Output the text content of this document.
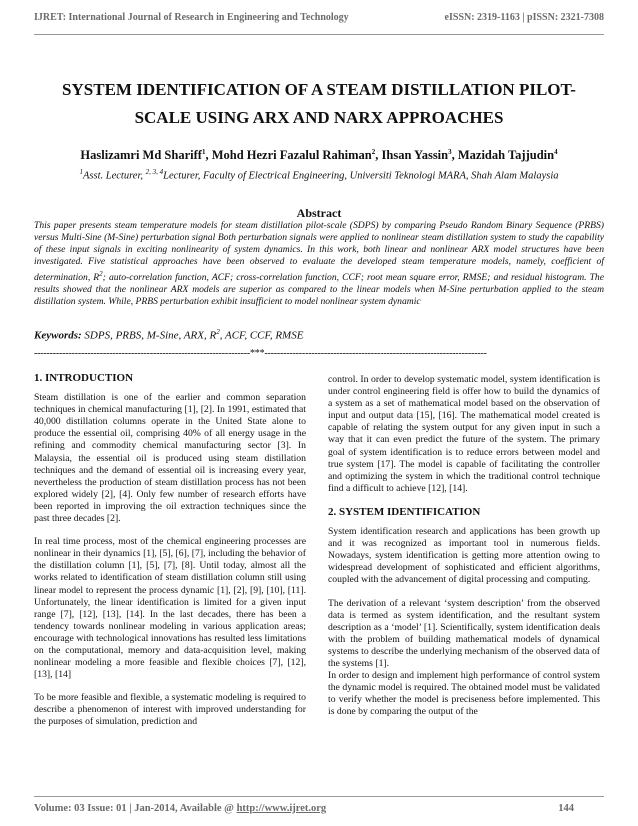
IJRET: International Journal of Research in Engineering and Technology	eISSN: 2319-1163 | pISSN: 2321-7308
SYSTEM IDENTIFICATION OF A STEAM DISTILLATION PILOT-
SCALE USING ARX AND NARX APPROACHES
Haslizamri Md Shariff$^1$, Mohd Hezri Fazalul Rahiman$^2$, Ihsan Yassin$^3$, Mazidah Tajjudin$^4$
$^1$Asst. Lecturer, $^{2, 3, 4}$Lecturer, Faculty of Electrical Engineering, Universiti Teknologi MARA, Shah Alam Malaysia
Abstract
This paper presents steam temperature models for steam distillation pilot-scale (SDPS) by comparing Pseudo Random Binary Sequence (PRBS) versus Multi-Sine (M-Sine) perturbation signal Both perturbation signals were applied to nonlinear steam distillation system to study the capability of these input signals in exciting nonlinearity of system dynamics. In this work, both linear and nonlinear ARX model structures have been investigated. Five statistical approaches have been observed to evaluate the developed steam temperature models, namely, coefficient of determination, $R^2$; auto-correlation function, ACF; cross-correlation function, CCF; root mean square error, RMSE; and residual histogram. The results showed that the nonlinear ARX models are superior as compared to the linear models when M-Sine perturbation applied to the steam distillation system. While, PRBS perturbation exhibit insufficient to model nonlinear system dynamic
Keywords: SDPS, PRBS, M-Sine, ARX, $R^2$, ACF, CCF, RMSE
---------------------------------------------------------------------***-----------------------------------------------------------------------
1. INTRODUCTION

Steam distillation is one of the earlier and common separation techniques in chemical manufacturing [1], [2]. In 1991, estimated that 40,000 distillation columns operate in the United State alone to produce the essential oil, comprising 40% of all energy usage in the refining and commodity chemical manufacturing sector [3]. In Malaysia, the essential oil is produced using steam distillation techniques and the demand of essential oil is increasing every year, nevertheless the production of steam distillation process has not been explored widely [2], [4]. Only few number of research efforts have been reported in improving the oil extraction techniques since the past three decades [2].

In real time process, most of the chemical engineering processes are nonlinear in their dynamics [1], [5], [6], [7], including the behavior of the distillation column [1], [5], [7], [8]. Until today, almost all the works related to identification of steam distillation column still using linear model to represent the process dynamic [1], [2], [9], [10], [11]. Unfortunately, the linear identification is limited for a given input range [7], [12], [13], [14]. In the last decades, there has been a tendency towards nonlinear modeling in various application areas; encourage with technological innovations has resulted less limitations on the computational, memory and data-acquisition level, making nonlinear modeling a more feasible and flexible choices [7], [12], [13], [14]

To be more feasible and flexible, a systematic modeling is required to describe a phenomenon of interest with improved understanding for the purposes of simulation, prediction and

control. In order to develop systematic model, system identification is under control engineering field is offer how to build the dynamics of a system as a set of mathematical model based on the observation of input and output data [15], [16]. The mathematical model created is capable of relating the system output for any given input in such a way that it can even predict the future of the system. The primary goal of system identification is to reduce errors between model and true system [17]. The model is capable of facilitating the controller and optimizing the system in which the traditional control technique find a difficult to achieve [12], [14].

2. SYSTEM IDENTIFICATION

System identification research and applications has been growth up and it was recognized as important tool in numerous fields. Nowadays, system identification is getting more attention owing to widespread development of sophisticated and efficient algorithms, coupled with the advancement of digital processing and computing.

The derivation of a relevant ‘system description’ from the observed data is termed as system identification, and the resultant system description as a ‘model’ [1]. Scientifically, system identification deals with the problem of building mathematical models of dynamical systems to describe the underlying mechanism of the observed data of the systems [1].

In order to design and implement high performance of control system the dynamic model is required. The obtained model must be validated to verify whether the model is preciseness before implemented. This is done by comparing the output of the

Volume: 03 Issue: 01 | Jan-2014, Available @ http://www.ijret.org	144
